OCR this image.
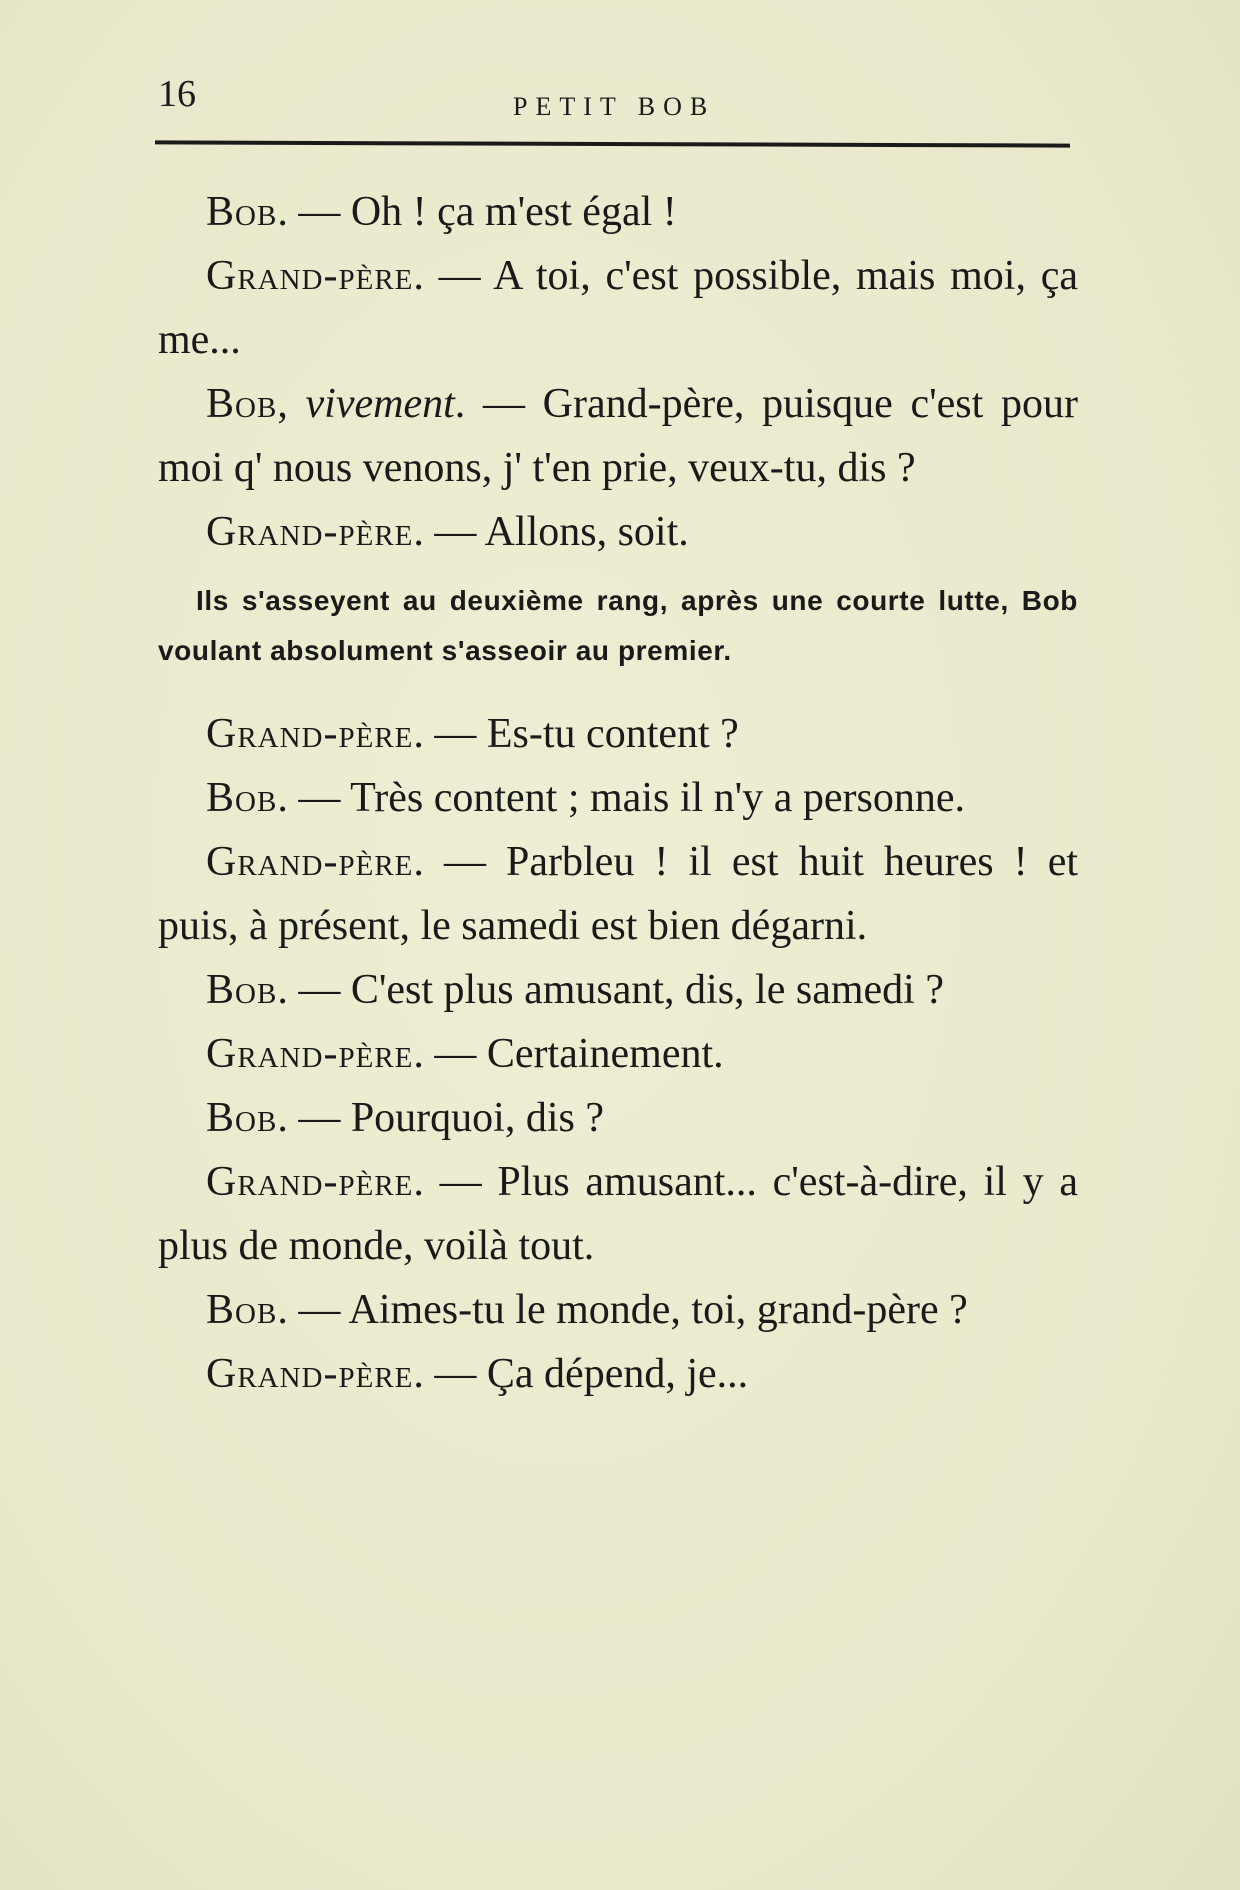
16	PETIT BOB

Bob. — Oh ! ça m'est égal !

Grand-père. — A toi, c'est possible, mais moi, ça me...

Bob, vivement. — Grand-père, puisque c'est pour moi q' nous venons, j' t'en prie, veux-tu, dis ?

Grand-père. — Allons, soit.

Ils s'asseyent au deuxième rang, après une courte lutte, Bob voulant absolument s'asseoir au premier.

Grand-père. — Es-tu content ?

Bob. — Très content ; mais il n'y a personne.

Grand-père. — Parbleu ! il est huit heures ! et puis, à présent, le samedi est bien dégarni.

Bob. — C'est plus amusant, dis, le samedi ?

Grand-père. — Certainement.

Bob. — Pourquoi, dis ?

Grand-père. — Plus amusant... c'est-à-dire, il y a plus de monde, voilà tout.

Bob. — Aimes-tu le monde, toi, grand-père ?

Grand-père. — Ça dépend, je...
